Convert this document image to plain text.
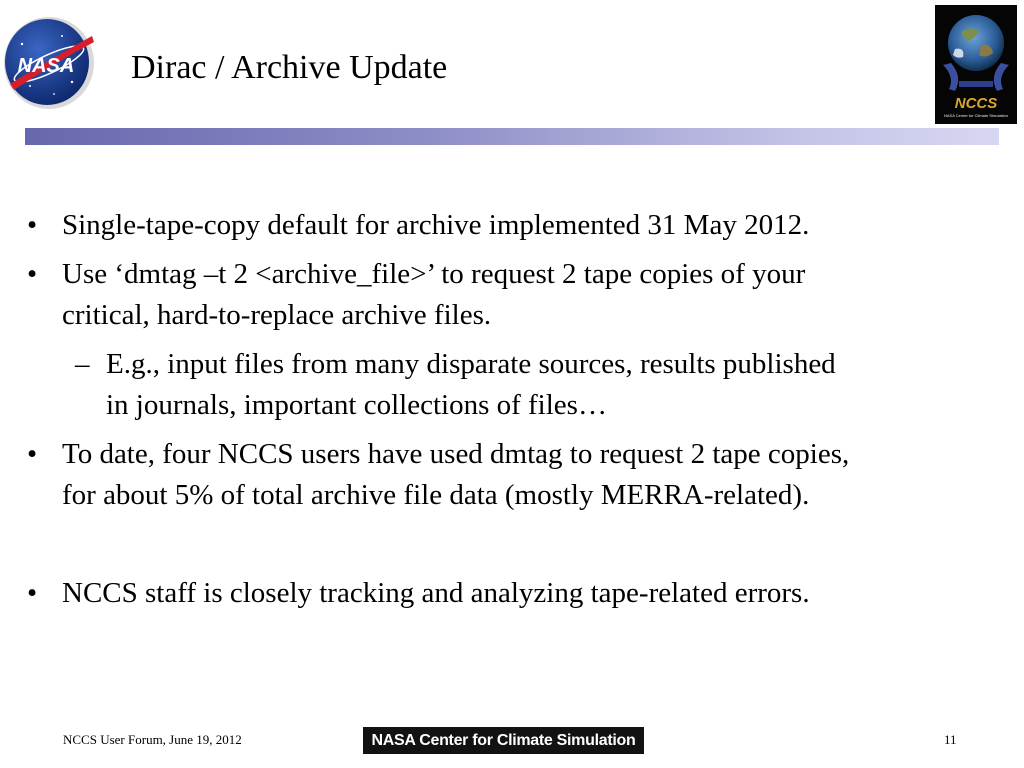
NASA Dirac / Archive Update
NCCS
NASA Center for Climate Simulation
• Single-tape-copy default for archive implemented 31 May 2012.
• Use ‘dmtag –t 2 <archive_file>’ to request 2 tape copies of your
critical, hard-to-replace archive files.
– E.g., input files from many disparate sources, results published
in journals, important collections of files…
• To date, four NCCS users have used dmtag to request 2 tape copies,
for about 5% of total archive file data (mostly MERRA-related).
• NCCS staff is closely tracking and analyzing tape-related errors.
NCCS User Forum, June 19, 2012	NASA Center for Climate Simulation	11
